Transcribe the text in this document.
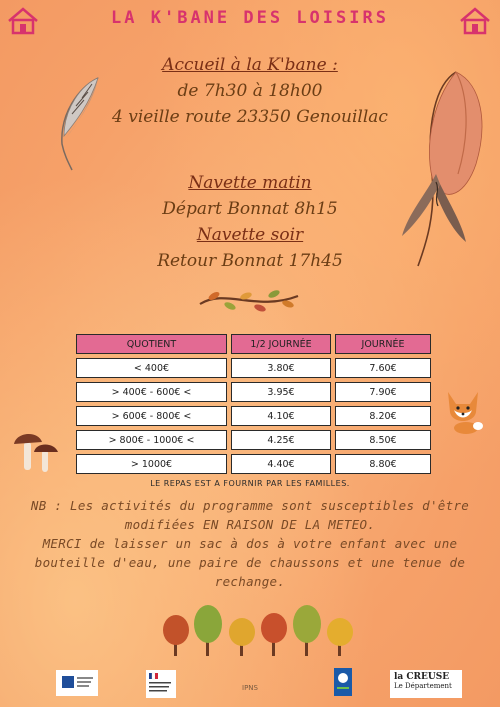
LA K'BANE DES LOISIRS
Accueil à la K'bane :
de 7h30 à 18h00
4 vieille route 23350 Genouillac
Navette matin
Départ Bonnat 8h15
Navette soir
Retour Bonnat 17h45
QUOTIENT	1/2 JOURNÉE	JOURNÉE
< 400€	3.80€	7.60€
> 400€ - 600€ <	3.95€	7.90€
> 600€ - 800€ <	4.10€	8.20€
> 800€ - 1000€ <	4.25€	8.50€
> 1000€	4.40€	8.80€
LE REPAS EST A FOURNIR PAR LES FAMILLES.
NB : Les activités du programme sont susceptibles d'être
modifiées EN RAISON DE LA METEO.
MERCI de laisser un sac à dos à votre enfant avec une
bouteille d'eau, une paire de chaussons et une tenue de
rechange.
IPNS
la CREUSE
Le Département
